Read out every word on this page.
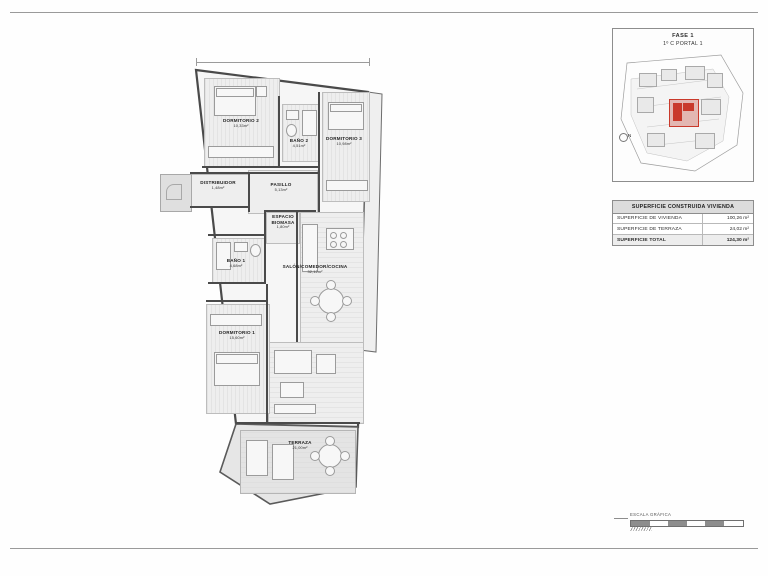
FASE 1
1º C PORTAL 1
N
SUPERFICIE CONSTRUIDA VIVIENDA
SUPERFICIE DE VIVIENDA	100,26 m²
SUPERFICIE DE TERRAZA	24,02 m²
SUPERFICIE TOTAL	124,30 m²
ESCALA GRÁFICA
DORMITORIO 2
10,33m²
BAÑO 2
4,51m²
DORMITORIO 3
10,98m²
DISTRIBUIDOR
1,48m²
PASILLO
5,13m²
ESPACIO
BIOMASA
1,80m²
BAÑO 1
4,68m²	SALÓN/COMEDOR/COCINA
32,12m²
DORMITORIO 1
15,60m²
TERRAZA
21,00m²
